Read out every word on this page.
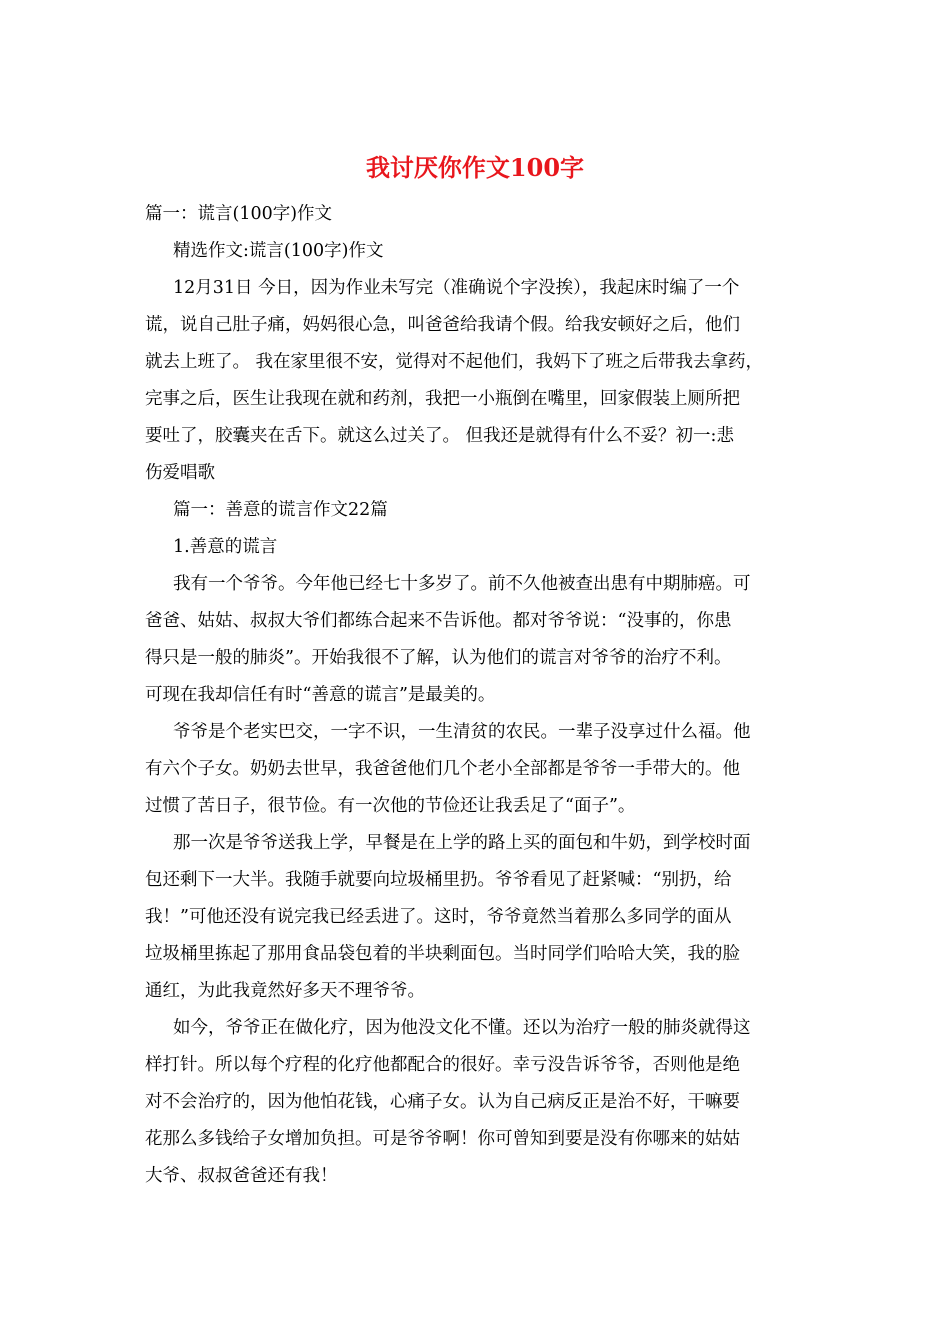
我讨厌你作文100字

篇一：谎言(100字)作文

精选作文:谎言(100字)作文

12月31日 今日，因为作业未写完（准确说个字没挨），我起床时编了一个

谎，说自己肚子痛，妈妈很心急，叫爸爸给我请个假。给我安顿好之后，他们

就去上班了。 我在家里很不安，觉得对不起他们，我妈下了班之后带我去拿药，

完事之后，医生让我现在就和药剂，我把一小瓶倒在嘴里，回家假装上厕所把

要吐了，胶囊夹在舌下。就这么过关了。 但我还是就得有什么不妥？初一:悲

伤爱唱歌

篇一：善意的谎言作文22篇

1.善意的谎言

我有一个爷爷。今年他已经七十多岁了。前不久他被查出患有中期肺癌。可

爸爸、姑姑、叔叔大爷们都练合起来不告诉他。都对爷爷说：“没事的，你患

得只是一般的肺炎”。开始我很不了解，认为他们的谎言对爷爷的治疗不利。

可现在我却信任有时“善意的谎言”是最美的。

爷爷是个老实巴交，一字不识，一生清贫的农民。一辈子没享过什么福。他

有六个子女。奶奶去世早，我爸爸他们几个老小全部都是爷爷一手带大的。他

过惯了苦日子，很节俭。有一次他的节俭还让我丢足了“面子”。

那一次是爷爷送我上学，早餐是在上学的路上买的面包和牛奶，到学校时面

包还剩下一大半。我随手就要向垃圾桶里扔。爷爷看见了赶紧喊：“别扔，给

我！”可他还没有说完我已经丢进了。这时，爷爷竟然当着那么多同学的面从

垃圾桶里拣起了那用食品袋包着的半块剩面包。当时同学们哈哈大笑，我的脸

通红，为此我竟然好多天不理爷爷。

如今，爷爷正在做化疗，因为他没文化不懂。还以为治疗一般的肺炎就得这

样打针。所以每个疗程的化疗他都配合的很好。幸亏没告诉爷爷，否则他是绝

对不会治疗的，因为他怕花钱，心痛子女。认为自己病反正是治不好，干嘛要

花那么多钱给子女增加负担。可是爷爷啊！你可曾知到要是没有你哪来的姑姑

大爷、叔叔爸爸还有我！
